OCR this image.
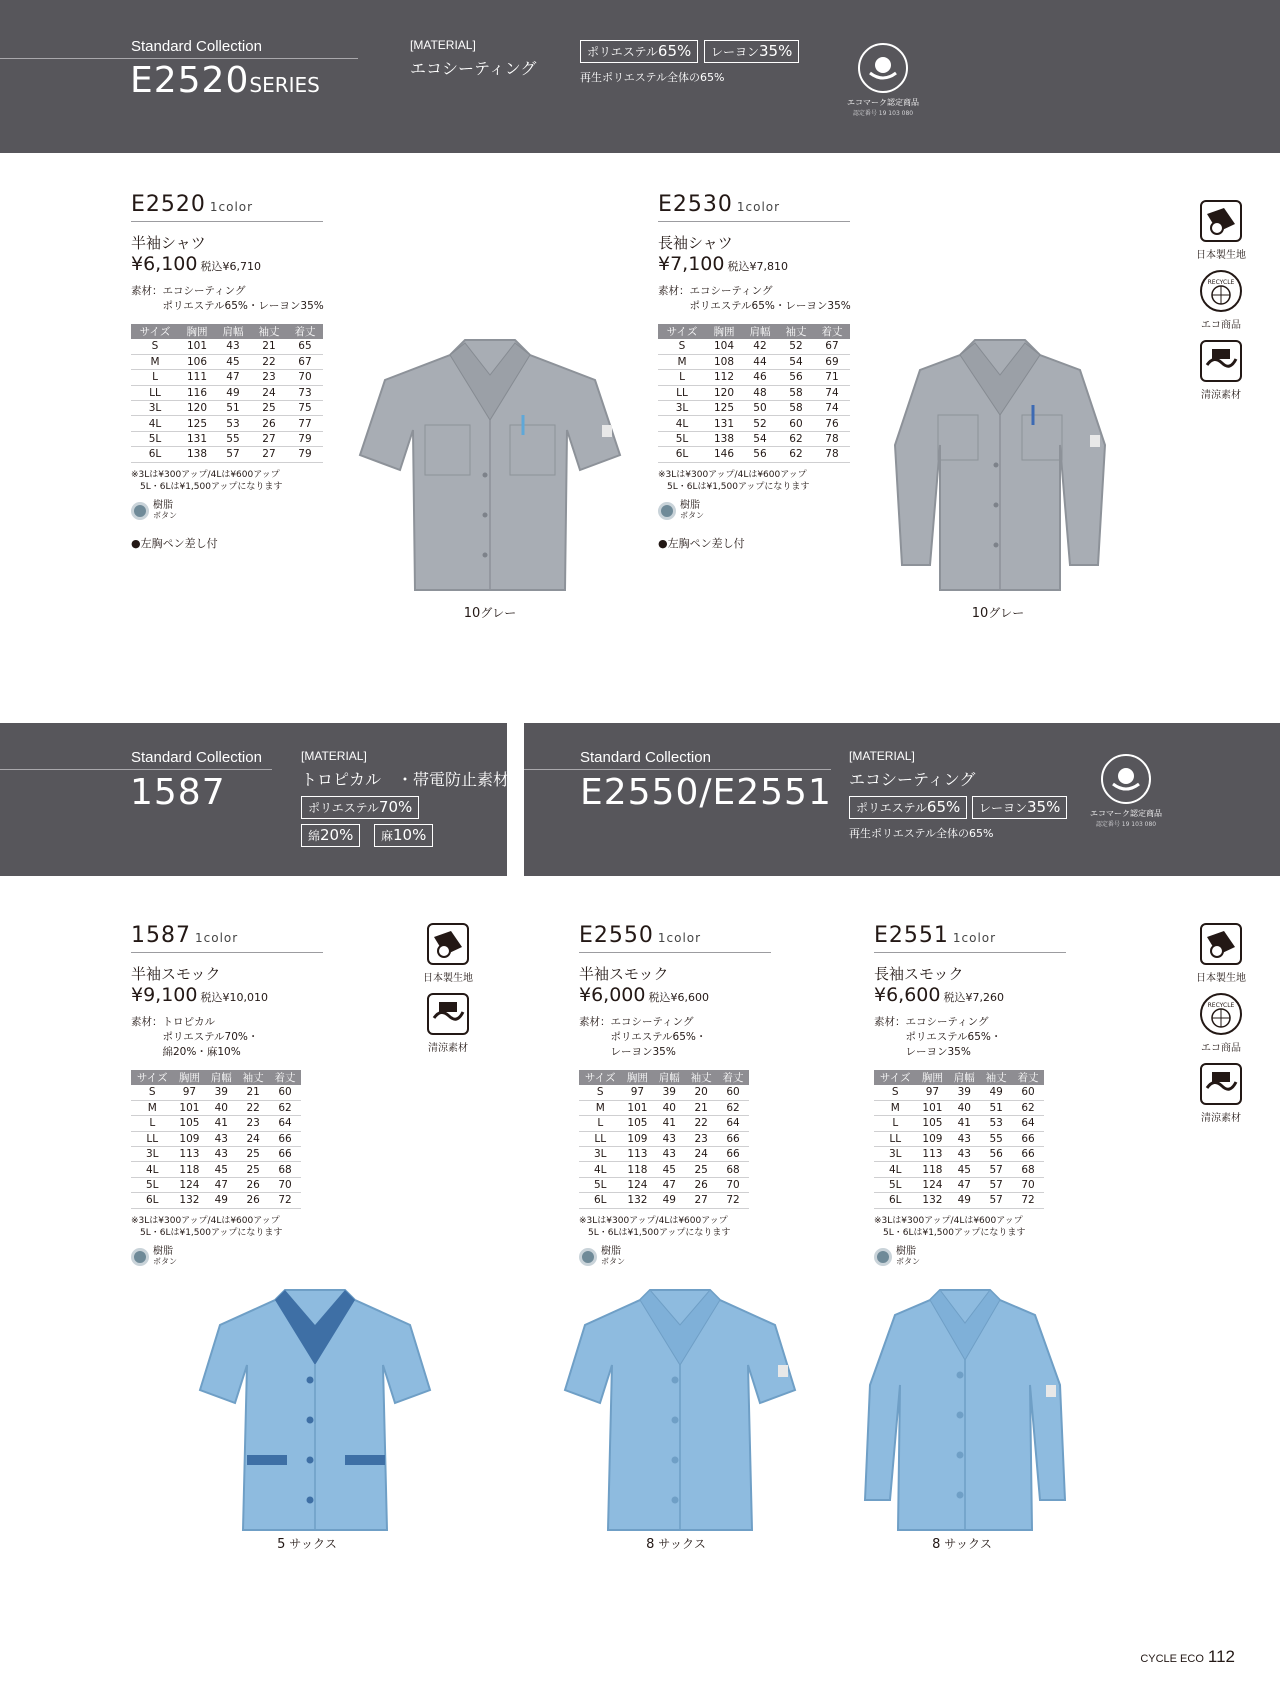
Standard Collection
E2520SERIES
[MATERIAL]
エコシーティング
ポリエステル65%	レーヨン35%
再生ポリエステル全体の65%
エコマーク認定商品
認定番号 19 103 080
E2520 1color
半袖シャツ
¥6,100 税込¥6,710
素材：エコシーティング
　　　ポリエステル65%・レーヨン35%
サイズ	胸囲	肩幅	袖丈	着丈
S	101	43	21	65
M	106	45	22	67
L	111	47	23	70
LL	116	49	24	73
3L	120	51	25	75
4L	125	53	26	77
5L	131	55	27	79
6L	138	57	27	79
※3Lは¥300アップ/4Lは¥600アップ
　5L・6Lは¥1,500アップになります
樹脂
ボタン
●左胸ペン差し付
E2530 1color
長袖シャツ
¥7,100 税込¥7,810
素材：エコシーティング
　　　ポリエステル65%・レーヨン35%
サイズ	胸囲	肩幅	袖丈	着丈
S	104	42	52	67
M	108	44	54	69
L	112	46	56	71
LL	120	48	58	74
3L	125	50	58	74
4L	131	52	60	76
5L	138	54	62	78
6L	146	56	62	78
※3Lは¥300アップ/4Lは¥600アップ
　5L・6Lは¥1,500アップになります
樹脂
ボタン
●左胸ペン差し付
10グレー	10グレー
日本製生地
RECYCLE
エコ商品
清涼素材
Standard Collection
1587
[MATERIAL]
トロピカル　・帯電防止素材
ポリエステル70%
綿20%	麻10%
Standard Collection
E2550/E2551
[MATERIAL]
エコシーティング
ポリエステル65%	レーヨン35%
再生ポリエステル全体の65%
エコマーク認定商品
認定番号 19 103 080
1587 1color
半袖スモック
¥9,100 税込¥10,010
素材：トロピカル
　　　ポリエステル70%・
　　　綿20%・麻10%
サイズ	胸囲	肩幅	袖丈	着丈
S	97	39	21	60
M	101	40	22	62
L	105	41	23	64
LL	109	43	24	66
3L	113	43	25	66
4L	118	45	25	68
5L	124	47	26	70
6L	132	49	26	72
※3Lは¥300アップ/4Lは¥600アップ
　5L・6Lは¥1,500アップになります
樹脂
ボタン
E2550 1color
半袖スモック
¥6,000 税込¥6,600
素材：エコシーティング
　　　ポリエステル65%・
　　　レーヨン35%
サイズ	胸囲	肩幅	袖丈	着丈
S	97	39	20	60
M	101	40	21	62
L	105	41	22	64
LL	109	43	23	66
3L	113	43	24	66
4L	118	45	25	68
5L	124	47	26	70
6L	132	49	27	72
※3Lは¥300アップ/4Lは¥600アップ
　5L・6Lは¥1,500アップになります
樹脂
ボタン
E2551 1color
長袖スモック
¥6,600 税込¥7,260
素材：エコシーティング
　　　ポリエステル65%・
　　　レーヨン35%
サイズ	胸囲	肩幅	袖丈	着丈
S	97	39	49	60
M	101	40	51	62
L	105	41	53	64
LL	109	43	55	66
3L	113	43	56	66
4L	118	45	57	68
5L	124	47	57	70
6L	132	49	57	72
※3Lは¥300アップ/4Lは¥600アップ
　5L・6Lは¥1,500アップになります
樹脂
ボタン
日本製生地
清涼素材
日本製生地
RECYCLE
エコ商品
清涼素材
5 サックス	8 サックス	8 サックス
CYCLE ECO 112
